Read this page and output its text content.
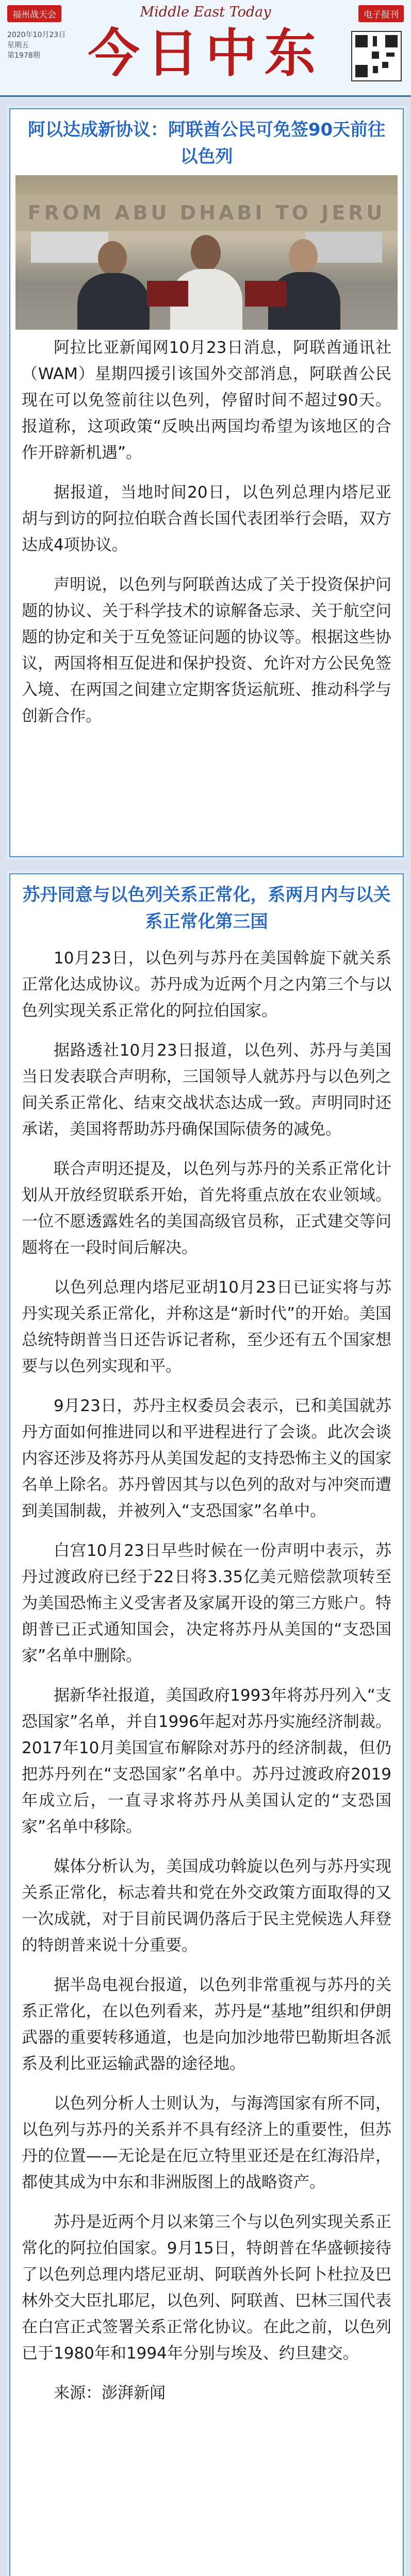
福州战天会	Middle East Today	电子报刊
2020年10月23日
星期五
第1978期 今日中东
阿以达成新协议：阿联酋公民可免签90天前往以色列
FROM ABU DHABI TO JERU

阿拉比亚新闻网10月23日消息，阿联酋通讯社（WAM）星期四援引该国外交部消息，阿联酋公民现在可以免签前往以色列，停留时间不超过90天。报道称，这项政策“反映出两国均希望为该地区的合作开辟新机遇”。

据报道，当地时间20日，以色列总理内塔尼亚胡与到访的阿拉伯联合酋长国代表团举行会晤，双方达成4项协议。

声明说，以色列与阿联酋达成了关于投资保护问题的协议、关于科学技术的谅解备忘录、关于航空问题的协定和关于互免签证问题的协议等。根据这些协议，两国将相互促进和保护投资、允许对方公民免签入境、在两国之间建立定期客货运航班、推动科学与创新合作。

苏丹同意与以色列关系正常化，系两月内与以关系正常化第三国

10月23日，以色列与苏丹在美国斡旋下就关系正常化达成协议。苏丹成为近两个月之内第三个与以色列实现关系正常化的阿拉伯国家。

据路透社10月23日报道，以色列、苏丹与美国当日发表联合声明称，三国领导人就苏丹与以色列之间关系正常化、结束交战状态达成一致。声明同时还承诺，美国将帮助苏丹确保国际债务的减免。

联合声明还提及，以色列与苏丹的关系正常化计划从开放经贸联系开始，首先将重点放在农业领域。一位不愿透露姓名的美国高级官员称，正式建交等问题将在一段时间后解决。

以色列总理内塔尼亚胡10月23日已证实将与苏丹实现关系正常化，并称这是“新时代”的开始。美国总统特朗普当日还告诉记者称，至少还有五个国家想要与以色列实现和平。

9月23日，苏丹主权委员会表示，已和美国就苏丹方面如何推进同以和平进程进行了会谈。此次会谈内容还涉及将苏丹从美国发起的支持恐怖主义的国家名单上除名。苏丹曾因其与以色列的敌对与冲突而遭到美国制裁，并被列入“支恐国家”名单中。

白宫10月23日早些时候在一份声明中表示，苏丹过渡政府已经于22日将3.35亿美元赔偿款项转至为美国恐怖主义受害者及家属开设的第三方账户。特朗普已正式通知国会，决定将苏丹从美国的“支恐国家”名单中删除。

据新华社报道，美国政府1993年将苏丹列入“支恐国家”名单，并自1996年起对苏丹实施经济制裁。2017年10月美国宣布解除对苏丹的经济制裁，但仍把苏丹列在“支恐国家”名单中。苏丹过渡政府2019年成立后，一直寻求将苏丹从美国认定的“支恐国家”名单中移除。

媒体分析认为，美国成功斡旋以色列与苏丹实现关系正常化，标志着共和党在外交政策方面取得的又一次成就，对于目前民调仍落后于民主党候选人拜登的特朗普来说十分重要。

据半岛电视台报道，以色列非常重视与苏丹的关系正常化，在以色列看来，苏丹是“基地”组织和伊朗武器的重要转移通道，也是向加沙地带巴勒斯坦各派系及利比亚运输武器的途径地。

以色列分析人士则认为，与海湾国家有所不同，以色列与苏丹的关系并不具有经济上的重要性，但苏丹的位置——无论是在厄立特里亚还是在红海沿岸，都使其成为中东和非洲版图上的战略资产。

苏丹是近两个月以来第三个与以色列实现关系正常化的阿拉伯国家。9月15日，特朗普在华盛顿接待了以色列总理内塔尼亚胡、阿联酋外长阿卜杜拉及巴林外交大臣扎耶尼，以色列、阿联酋、巴林三国代表在白宫正式签署关系正常化协议。在此之前，以色列已于1980年和1994年分别与埃及、约旦建交。

来源：澎湃新闻
